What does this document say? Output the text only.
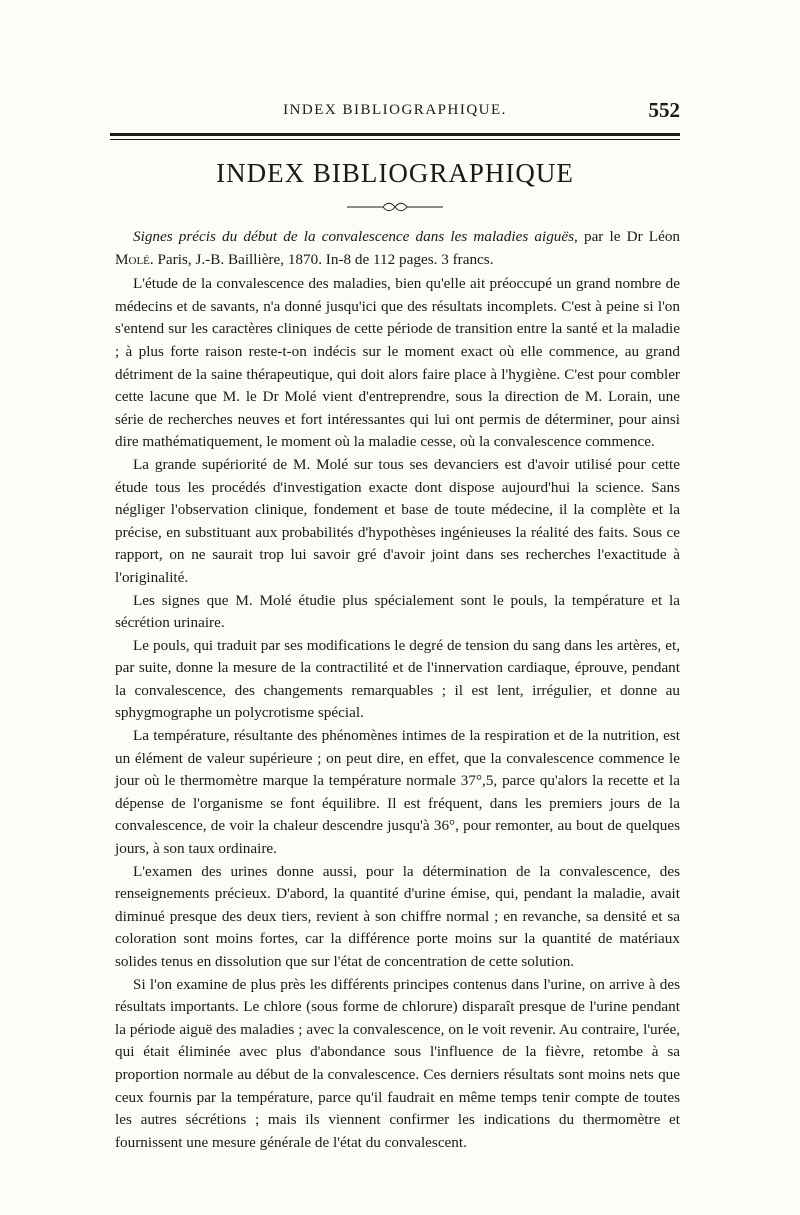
INDEX BIBLIOGRAPHIQUE.	552
INDEX BIBLIOGRAPHIQUE

Signes précis du début de la convalescence dans les maladies aiguës, par le Dr Léon Molé. Paris, J.-B. Baillière, 1870. In-8 de 112 pages. 3 francs.

L'étude de la convalescence des maladies, bien qu'elle ait préoccupé un grand nombre de médecins et de savants, n'a donné jusqu'ici que des résultats incomplets. C'est à peine si l'on s'entend sur les caractères cliniques de cette période de transition entre la santé et la maladie ; à plus forte raison reste-t-on indécis sur le moment exact où elle commence, au grand détriment de la saine thérapeutique, qui doit alors faire place à l'hygiène. C'est pour combler cette lacune que M. le Dr Molé vient d'entreprendre, sous la direction de M. Lorain, une série de recherches neuves et fort intéressantes qui lui ont permis de déterminer, pour ainsi dire mathématiquement, le moment où la maladie cesse, où la convalescence commence.

La grande supériorité de M. Molé sur tous ses devanciers est d'avoir utilisé pour cette étude tous les procédés d'investigation exacte dont dispose aujourd'hui la science. Sans négliger l'observation clinique, fondement et base de toute médecine, il la complète et la précise, en substituant aux probabilités d'hypothèses ingénieuses la réalité des faits. Sous ce rapport, on ne saurait trop lui savoir gré d'avoir joint dans ses recherches l'exactitude à l'originalité.

Les signes que M. Molé étudie plus spécialement sont le pouls, la température et la sécrétion urinaire.

Le pouls, qui traduit par ses modifications le degré de tension du sang dans les artères, et, par suite, donne la mesure de la contractilité et de l'innervation cardiaque, éprouve, pendant la convalescence, des changements remarquables ; il est lent, irrégulier, et donne au sphygmographe un polycrotisme spécial.

La température, résultante des phénomènes intimes de la respiration et de la nutrition, est un élément de valeur supérieure ; on peut dire, en effet, que la convalescence commence le jour où le thermomètre marque la température normale 37°,5, parce qu'alors la recette et la dépense de l'organisme se font équilibre. Il est fréquent, dans les premiers jours de la convalescence, de voir la chaleur descendre jusqu'à 36°, pour remonter, au bout de quelques jours, à son taux ordinaire.

L'examen des urines donne aussi, pour la détermination de la convalescence, des renseignements précieux. D'abord, la quantité d'urine émise, qui, pendant la maladie, avait diminué presque des deux tiers, revient à son chiffre normal ; en revanche, sa densité et sa coloration sont moins fortes, car la différence porte moins sur la quantité de matériaux solides tenus en dissolution que sur l'état de concentration de cette solution.

Si l'on examine de plus près les différents principes contenus dans l'urine, on arrive à des résultats importants. Le chlore (sous forme de chlorure) disparaît presque de l'urine pendant la période aiguë des maladies ; avec la convalescence, on le voit revenir. Au contraire, l'urée, qui était éliminée avec plus d'abondance sous l'influence de la fièvre, retombe à sa proportion normale au début de la convalescence. Ces derniers résultats sont moins nets que ceux fournis par la température, parce qu'il faudrait en même temps tenir compte de toutes les autres sécrétions ; mais ils viennent confirmer les indications du thermomètre et fournissent une mesure générale de l'état du convalescent.
